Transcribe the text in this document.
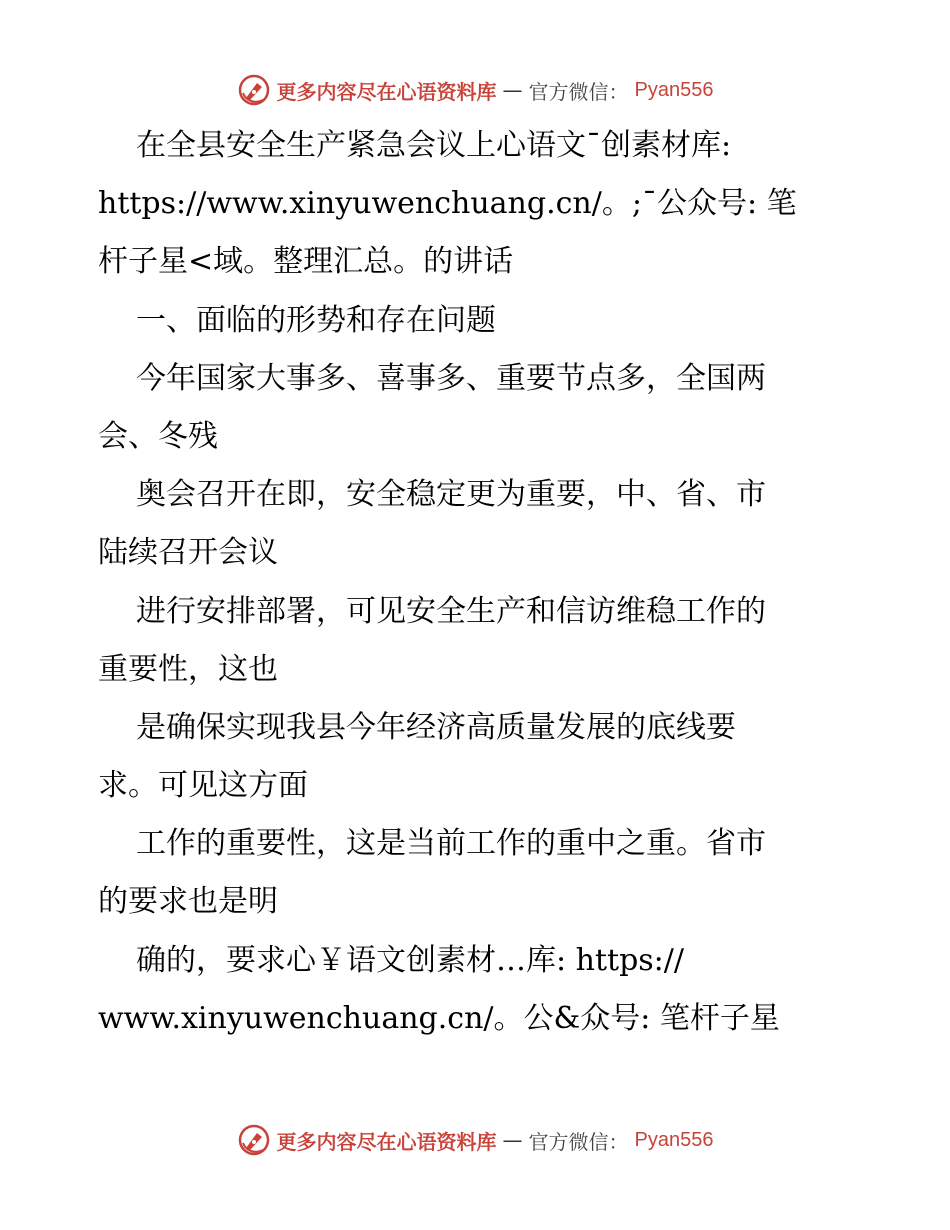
更多内容尽在心语资料库 — 官方微信： Pyan556
在全县安全生产紧急会议上心语文¯创素材库:
https://www.xinyuwenchuang.cn/。;¯公众号: 笔
杆子星<域。整理汇总。的讲话
一、面临的形势和存在问题
今年国家大事多、喜事多、重要节点多，全国两
会、冬残
奥会召开在即，安全稳定更为重要，中、省、市
陆续召开会议
进行安排部署，可见安全生产和信访维稳工作的
重要性，这也
是确保实现我县今年经济高质量发展的底线要
求。可见这方面
工作的重要性，这是当前工作的重中之重。省市
的要求也是明
确的，要求心￥语文创素材…库: https://
www.xinyuwenchuang.cn/。公&众号: 笔杆子星
更多内容尽在心语资料库 — 官方微信： Pyan556
